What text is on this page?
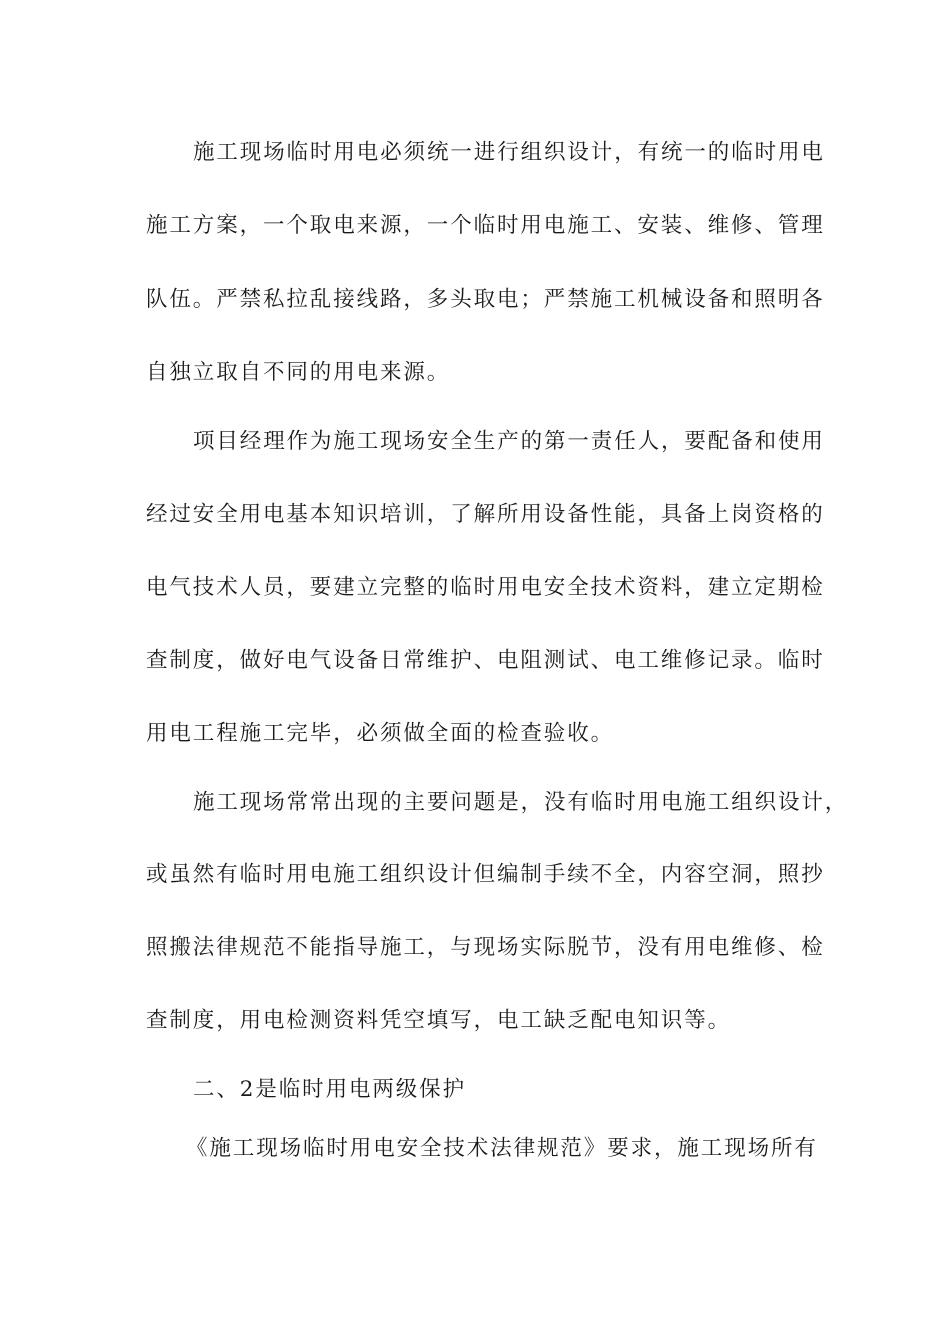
施工现场临时用电必须统一进行组织设计，有统一的临时用电
施工方案，一个取电来源，一个临时用电施工、安装、维修、管理
队伍。严禁私拉乱接线路，多头取电；严禁施工机械设备和照明各
自独立取自不同的用电来源。
项目经理作为施工现场安全生产的第一责任人，要配备和使用
经过安全用电基本知识培训，了解所用设备性能，具备上岗资格的
电气技术人员，要建立完整的临时用电安全技术资料，建立定期检
查制度，做好电气设备日常维护、电阻测试、电工维修记录。临时
用电工程施工完毕，必须做全面的检查验收。
施工现场常常出现的主要问题是，没有临时用电施工组织设计，
或虽然有临时用电施工组织设计但编制手续不全，内容空洞，照抄
照搬法律规范不能指导施工，与现场实际脱节，没有用电维修、检
查制度，用电检测资料凭空填写，电工缺乏配电知识等。
二、2是临时用电两级保护
《施工现场临时用电安全技术法律规范》要求，施工现场所有
